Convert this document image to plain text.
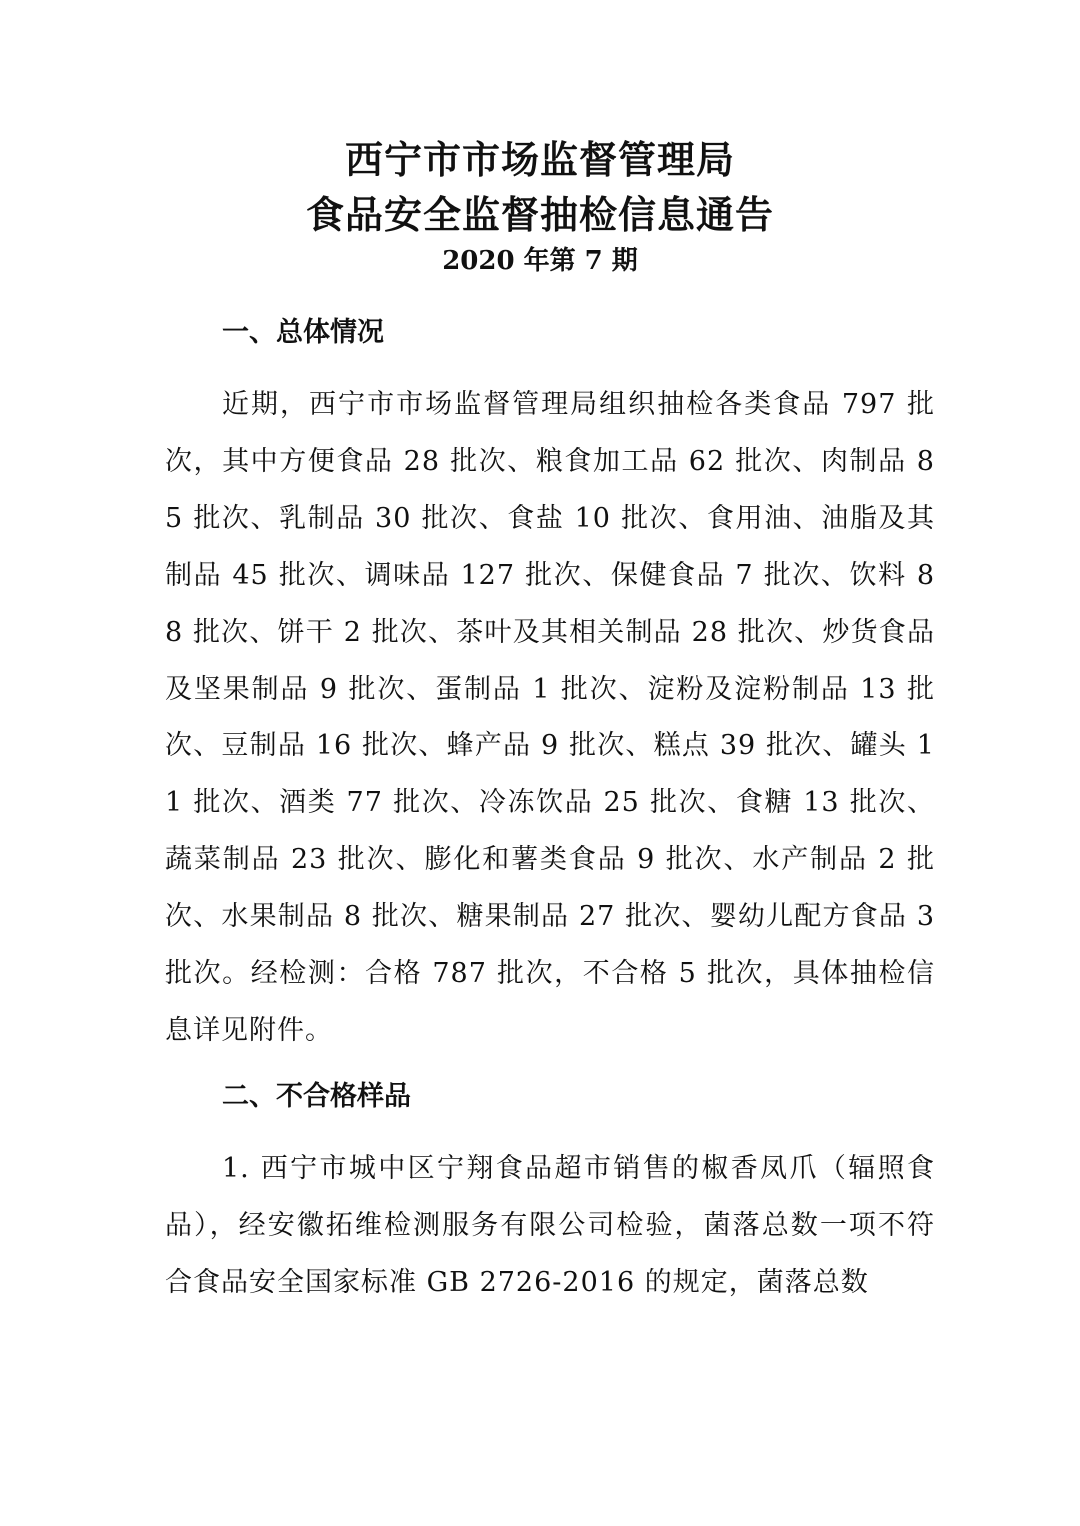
西宁市市场监督管理局
食品安全监督抽检信息通告
2020 年第 7 期
一、总体情况

近期，西宁市市场监督管理局组织抽检各类食品 797 批次，其中方便食品 28 批次、粮食加工品 62 批次、肉制品 85 批次、乳制品 30 批次、食盐 10 批次、食用油、油脂及其制品 45 批次、调味品 127 批次、保健食品 7 批次、饮料 88 批次、饼干 2 批次、茶叶及其相关制品 28 批次、炒货食品及坚果制品 9 批次、蛋制品 1 批次、淀粉及淀粉制品 13 批次、豆制品 16 批次、蜂产品 9 批次、糕点 39 批次、罐头 11 批次、酒类 77 批次、冷冻饮品 25 批次、食糖 13 批次、蔬菜制品 23 批次、膨化和薯类食品 9 批次、水产制品 2 批次、水果制品 8 批次、糖果制品 27 批次、婴幼儿配方食品 3 批次。经检测：合格 787 批次，不合格 5 批次，具体抽检信息详见附件。

二、不合格样品

1. 西宁市城中区宁翔食品超市销售的椒香凤爪（辐照食品），经安徽拓维检测服务有限公司检验，菌落总数一项不符合食品安全国家标准 GB 2726-2016 的规定，菌落总数
